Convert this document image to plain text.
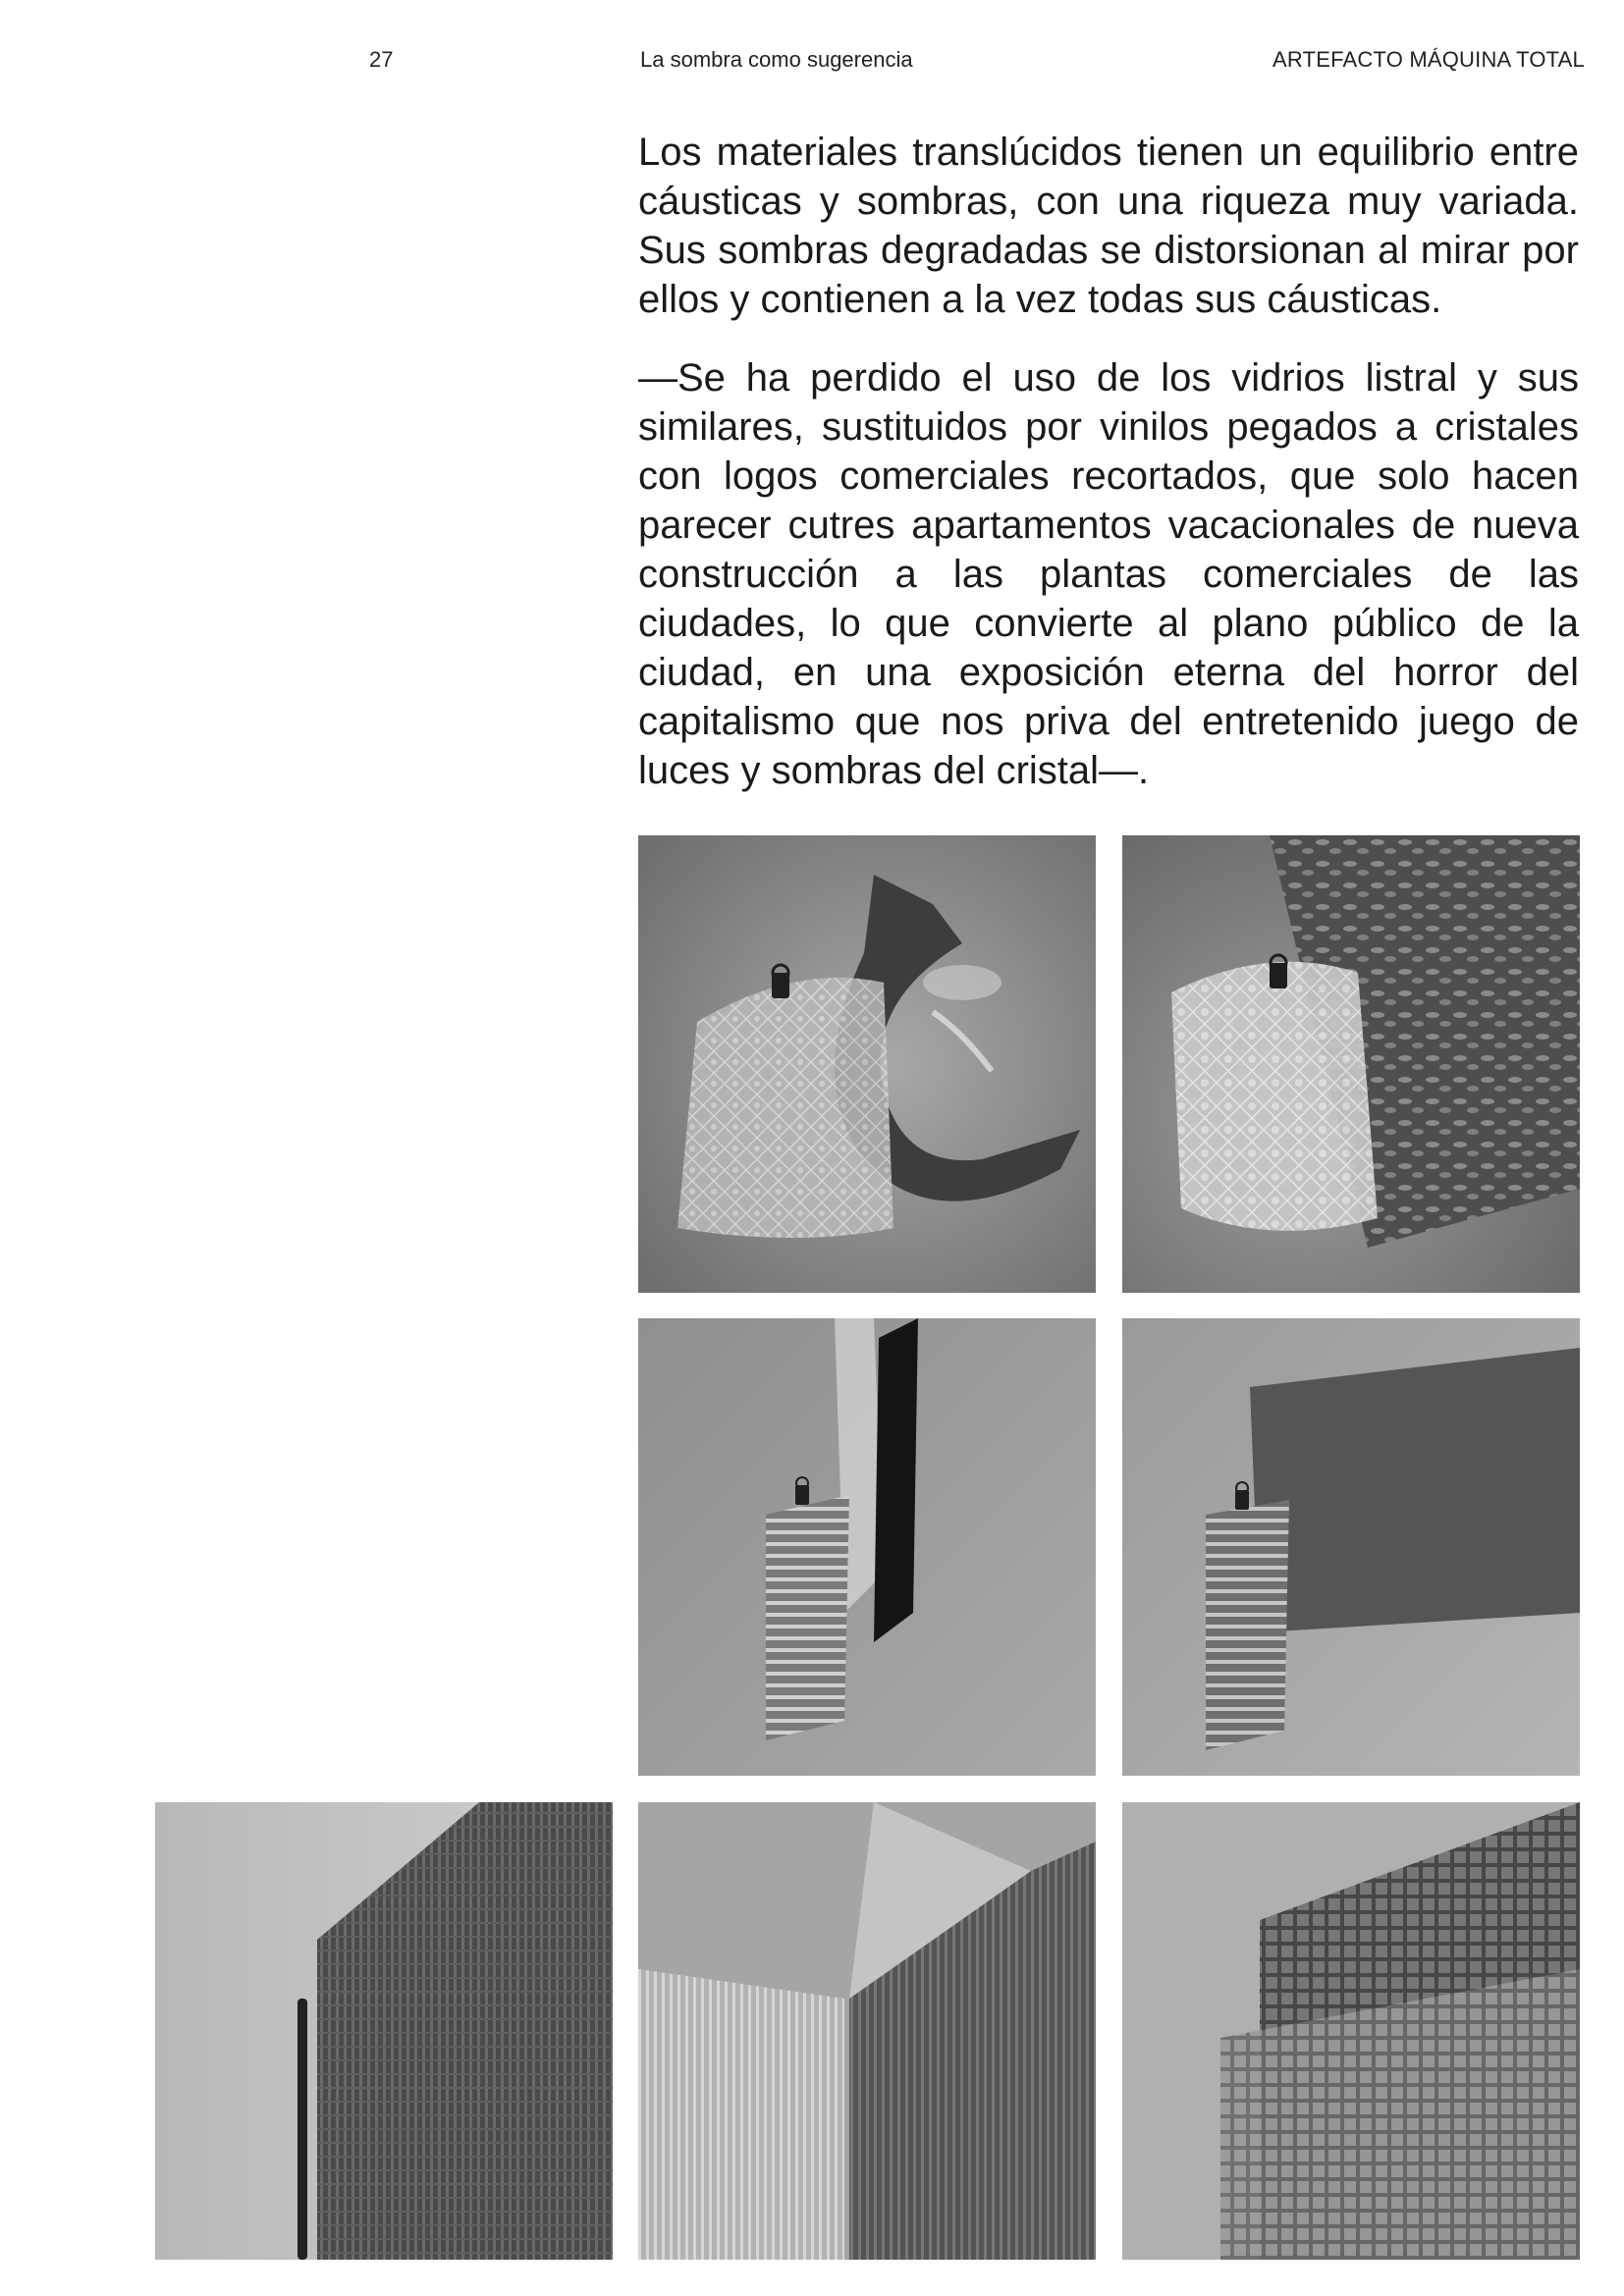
27	La sombra como sugerencia	ARTEFACTO MÁQUINA TOTAL

Los materiales translúcidos tienen un equilibrio entre cáusticas y sombras, con una riqueza muy variada. Sus sombras degradadas se distorsionan al mirar por ellos y contienen a la vez todas sus cáusticas.

—Se ha perdido el uso de los vidrios listral y sus similares, sustituidos por vinilos pegados a cristales con logos comerciales recortados, que solo hacen parecer cutres apartamentos vacacionales de nueva construcción a las plantas comerciales de las ciudades, lo que convierte al plano público de la ciudad, en una exposición eterna del horror del capitalismo que nos priva del entretenido juego de luces y sombras del cristal—.
